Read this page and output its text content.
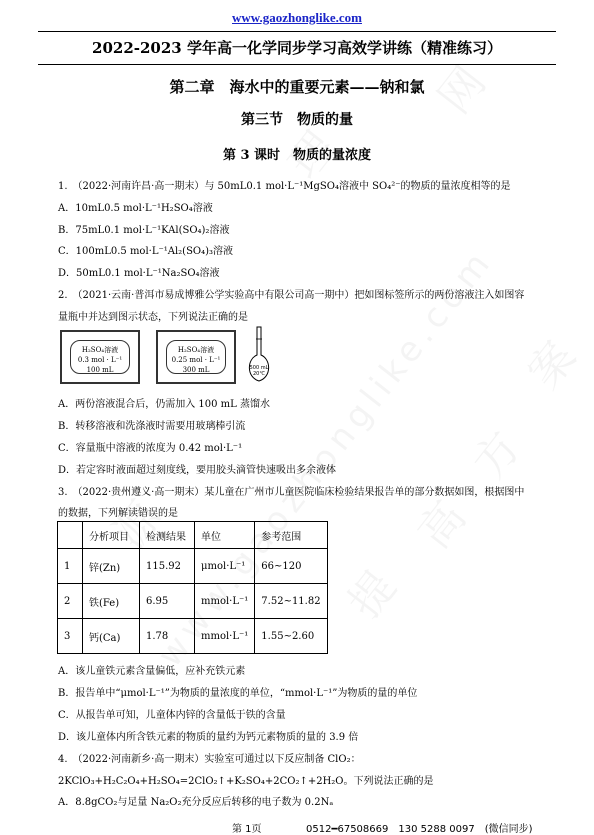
www.gaozhonglike.com
2022-2023 学年高一化学同步学习高效学讲练（精准练习）
第二章　海水中的重要元素——钠和氯
第三节　物质的量
第 3 课时　物质的量浓度
1.　（2022·河南许昌·高一期末）与 50mL0.1 mol·L⁻¹MgSO₄溶液中 SO₄²⁻的物质的量浓度相等的是
A．10mL0.5 mol·L⁻¹H₂SO₄溶液
B．75mL0.1 mol·L⁻¹KAl(SO₄)₂溶液
C．100mL0.5 mol·L⁻¹Al₂(SO₄)₃溶液
D．50mL0.1 mol·L⁻¹Na₂SO₄溶液
2.　（2021·云南·普洱市易成博雅公学实验高中有限公司高一期中）把如图标签所示的两份溶液注入如图容
量瓶中并达到图示状态，下列说法正确的是
H₂SO₄溶液
0.3 mol · L⁻¹
100 mL
H₂SO₄溶液
0.25 mol · L⁻¹
300 mL	500 mL
20℃
A．两份溶液混合后，仍需加入 100 mL 蒸馏水
B．转移溶液和洗涤液时需要用玻璃棒引流
C．容量瓶中溶液的浓度为 0.42 mol·L⁻¹
D．若定容时液面超过刻度线，要用胶头滴管快速吸出多余液体
3.　（2022·贵州遵义·高一期末）某儿童在广州市儿童医院临床检验结果报告单的部分数据如图，根据图中
的数据，下列解读错误的是
	分析项目	检测结果	单位	参考范围
1	锌(Zn)	115.92	μmol·L⁻¹	66~120
2	铁(Fe)	6.95	mmol·L⁻¹	7.52~11.82
3	钙(Ca)	1.78	mmol·L⁻¹	1.55~2.60
A．该儿童铁元素含量偏低，应补充铁元素
B．报告单中“μmol·L⁻¹”为物质的量浓度的单位，“mmol·L⁻¹”为物质的量的单位
C．从报告单可知，儿童体内锌的含量低于铁的含量
D．该儿童体内所含铁元素的物质的量约为钙元素物质的量的 3.9 倍
4.　（2022·河南新乡·高一期末）实验室可通过以下反应制备 ClO₂：
2KClO₃+H₂C₂O₄+H₂SO₄=2ClO₂↑+K₂SO₄+2CO₂↑+2H₂O。下列说法正确的是
A．8.8gCO₂与足量 Na₂O₂充分反应后转移的电子数为 0.2Nₐ
第 1页	0512━67508669　130 5288 0097　(微信同步)
